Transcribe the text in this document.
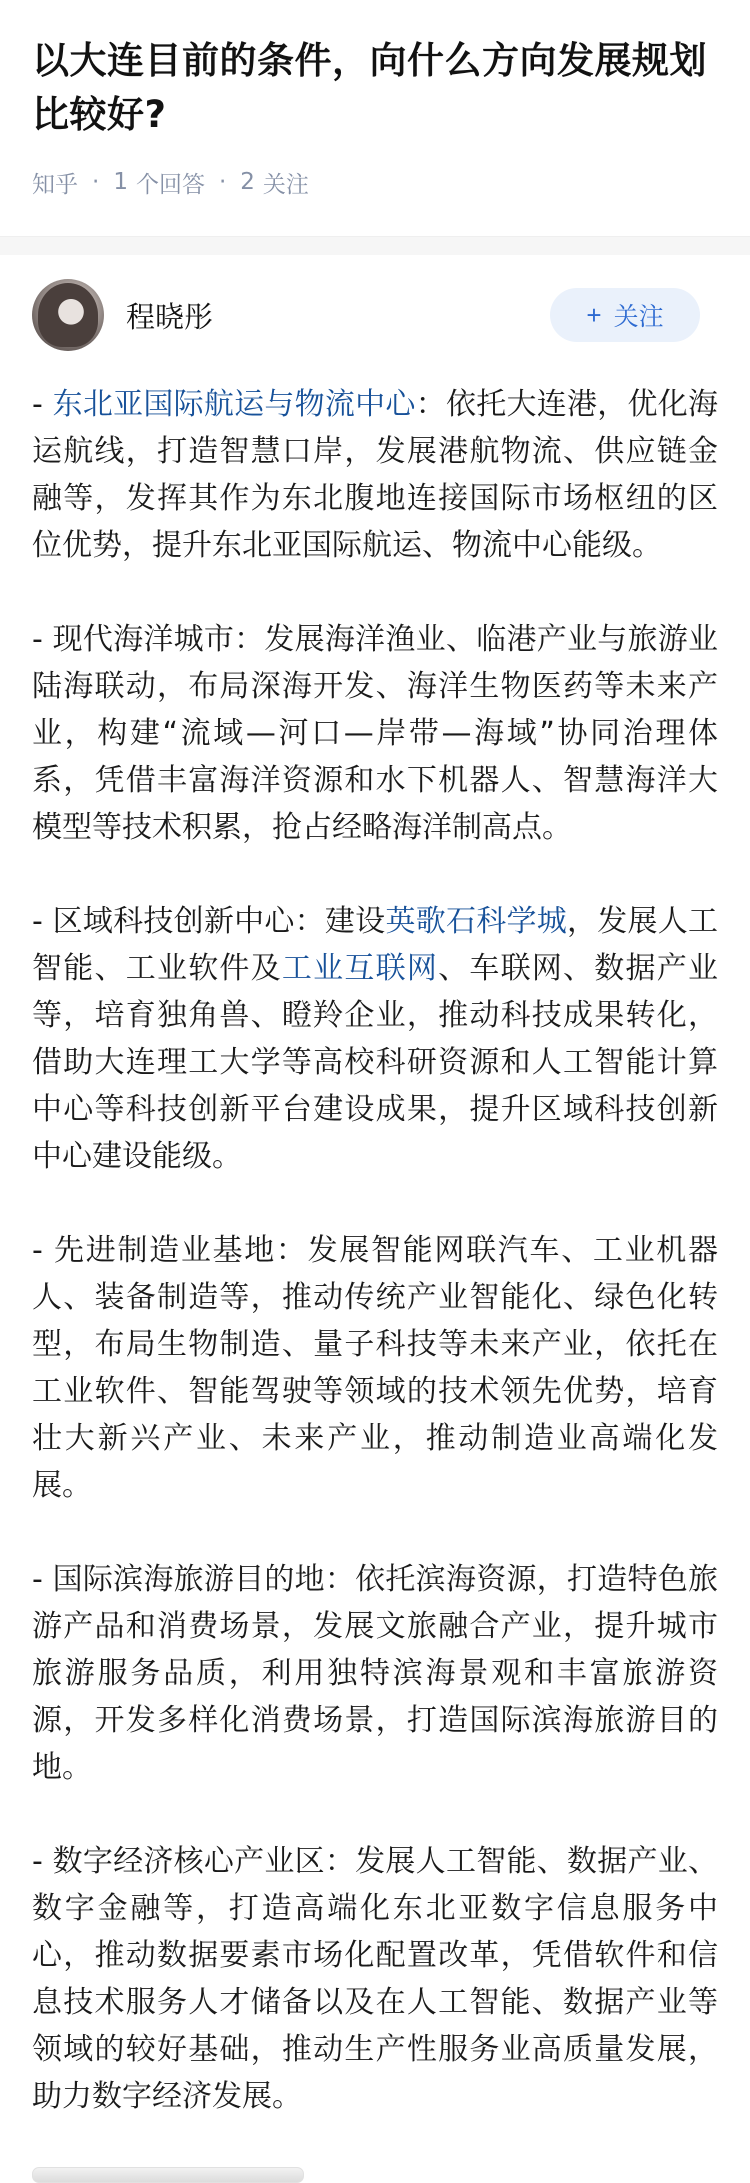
以大连目前的条件，向什么方向发展规划比较好?
知乎 · 1 个回答 · 2 关注
程晓彤	+ 关注

- 东北亚国际航运与物流中心：依托大连港，优化海运航线，打造智慧口岸，发展港航物流、供应链金融等，发挥其作为东北腹地连接国际市场枢纽的区位优势，提升东北亚国际航运、物流中心能级。

- 现代海洋城市：发展海洋渔业、临港产业与旅游业陆海联动，布局深海开发、海洋生物医药等未来产业，构建“流域—河口—岸带—海域”协同治理体系，凭借丰富海洋资源和水下机器人、智慧海洋大模型等技术积累，抢占经略海洋制高点。

- 区域科技创新中心：建设英歌石科学城，发展人工智能、工业软件及工业互联网、车联网、数据产业等，培育独角兽、瞪羚企业，推动科技成果转化，借助大连理工大学等高校科研资源和人工智能计算中心等科技创新平台建设成果，提升区域科技创新中心建设能级。

- 先进制造业基地：发展智能网联汽车、工业机器人、装备制造等，推动传统产业智能化、绿色化转型，布局生物制造、量子科技等未来产业，依托在工业软件、智能驾驶等领域的技术领先优势，培育壮大新兴产业、未来产业，推动制造业高端化发展。

- 国际滨海旅游目的地：依托滨海资源，打造特色旅游产品和消费场景，发展文旅融合产业，提升城市旅游服务品质，利用独特滨海景观和丰富旅游资源，开发多样化消费场景，打造国际滨海旅游目的地。

- 数字经济核心产业区：发展人工智能、数据产业、数字金融等，打造高端化东北亚数字信息服务中心，推动数据要素市场化配置改革，凭借软件和信息技术服务人才储备以及在人工智能、数据产业等领域的较好基础，推动生产性服务业高质量发展，助力数字经济发展。
